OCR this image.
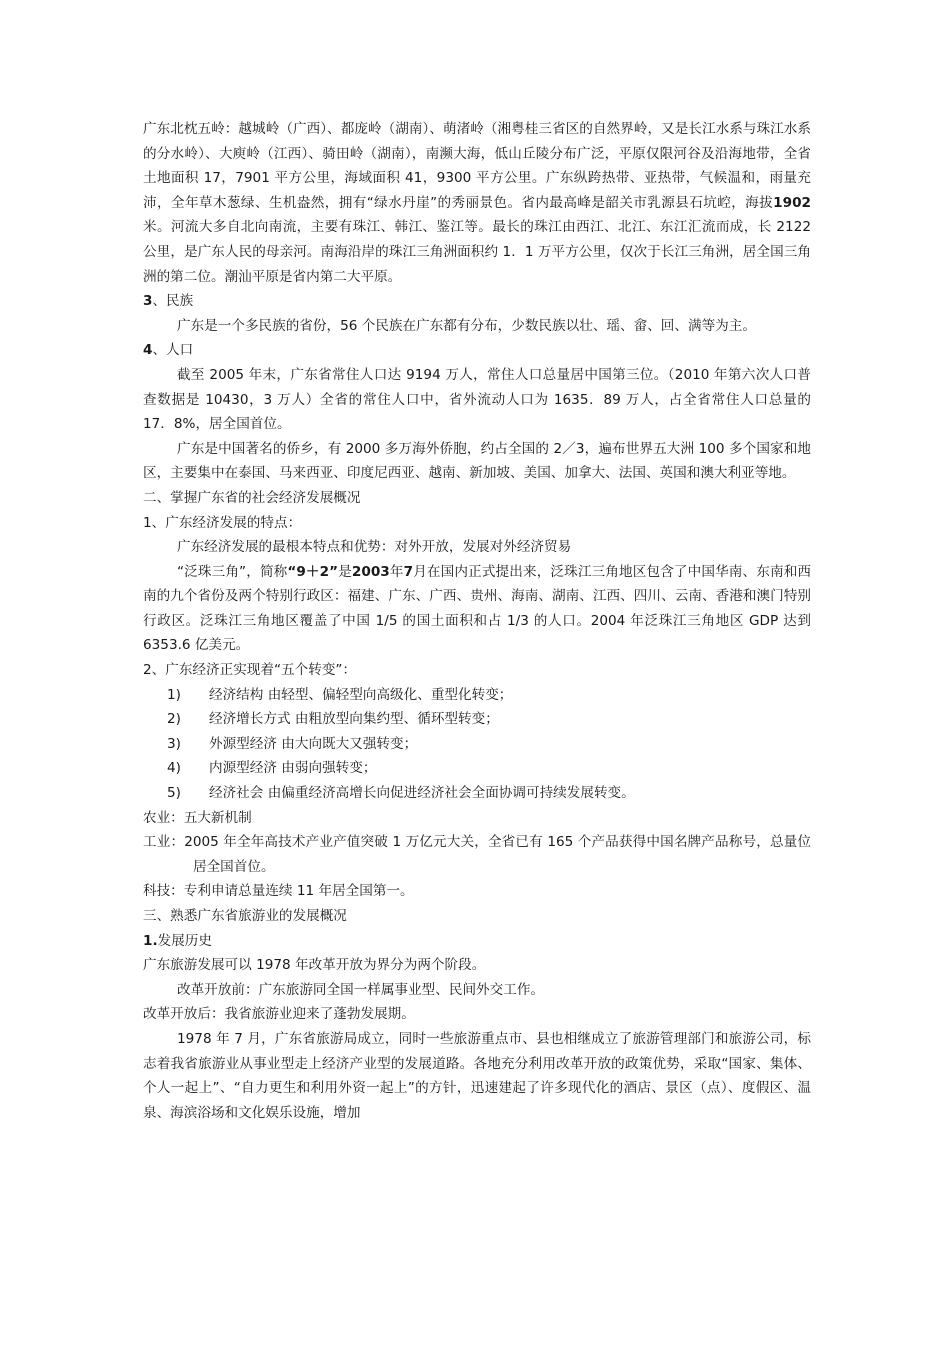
广东北枕五岭：越城岭（广西）、都庞岭（湖南）、萌渚岭（湘粤桂三省区的自然界岭，又是长江水系与珠江水系的分水岭）、大庾岭（江西）、骑田岭（湖南），南濒大海，低山丘陵分布广泛，平原仅限河谷及沿海地带，全省土地面积 17，7901 平方公里，海域面积 41，9300 平方公里。广东纵跨热带、亚热带，气候温和，雨量充沛，全年草木葱绿、生机盎然，拥有“绿水丹崖”的秀丽景色。省内最高峰是韶关市乳源县石坑崆，海拔1902米。河流大多自北向南流，主要有珠江、韩江、鉴江等。最长的珠江由西江、北江、东江汇流而成，长 2122 公里，是广东人民的母亲河。南海沿岸的珠江三角洲面积约 1．1 万平方公里，仅次于长江三角洲，居全国三角洲的第二位。潮汕平原是省内第二大平原。

3、民族

广东是一个多民族的省份，56 个民族在广东都有分布，少数民族以壮、瑶、畲、回、满等为主。

4、人口

截至 2005 年末，广东省常住人口达 9194 万人，常住人口总量居中国第三位。（2010 年第六次人口普查数据是 10430，3 万人）全省的常住人口中，省外流动人口为 1635．89 万人，占全省常住人口总量的 17．8%，居全国首位。

广东是中国著名的侨乡，有 2000 多万海外侨胞，约占全国的 2／3，遍布世界五大洲 100 多个国家和地区，主要集中在泰国、马来西亚、印度尼西亚、越南、新加坡、美国、加拿大、法国、英国和澳大利亚等地。

二、掌握广东省的社会经济发展概况

1、广东经济发展的特点：

广东经济发展的最根本特点和优势：对外开放，发展对外经济贸易

“泛珠三角”，简称“9＋2”是2003年7月在国内正式提出来，泛珠江三角地区包含了中国华南、东南和西南的九个省份及两个特别行政区：福建、广东、广西、贵州、海南、湖南、江西、四川、云南、香港和澳门特别行政区。泛珠江三角地区覆盖了中国 1/5 的国土面积和占 1/3 的人口。2004 年泛珠江三角地区 GDP 达到 6353.6 亿美元。

2、广东经济正实现着“五个转变”：

1) 经济结构 由轻型、偏轻型向高级化、重型化转变；

2) 经济增长方式 由粗放型向集约型、循环型转变；

3) 外源型经济 由大向既大又强转变；

4) 内源型经济 由弱向强转变；

5) 经济社会 由偏重经济高增长向促进经济社会全面协调可持续发展转变。

农业：五大新机制

工业：2005 年全年高技术产业产值突破 1 万亿元大关，全省已有 165 个产品获得中国名牌产品称号，总量位居全国首位。

科技：专利申请总量连续 11 年居全国第一。

三、熟悉广东省旅游业的发展概况

1.发展历史

广东旅游发展可以 1978 年改革开放为界分为两个阶段。

改革开放前：广东旅游同全国一样属事业型、民间外交工作。

改革开放后：我省旅游业迎来了蓬勃发展期。

1978 年 7 月，广东省旅游局成立，同时一些旅游重点市、县也相继成立了旅游管理部门和旅游公司，标志着我省旅游业从事业型走上经济产业型的发展道路。各地充分利用改革开放的政策优势，采取“国家、集体、个人一起上”、“自力更生和利用外资一起上”的方针，迅速建起了许多现代化的酒店、景区（点）、度假区、温泉、海滨浴场和文化娱乐设施，增加
